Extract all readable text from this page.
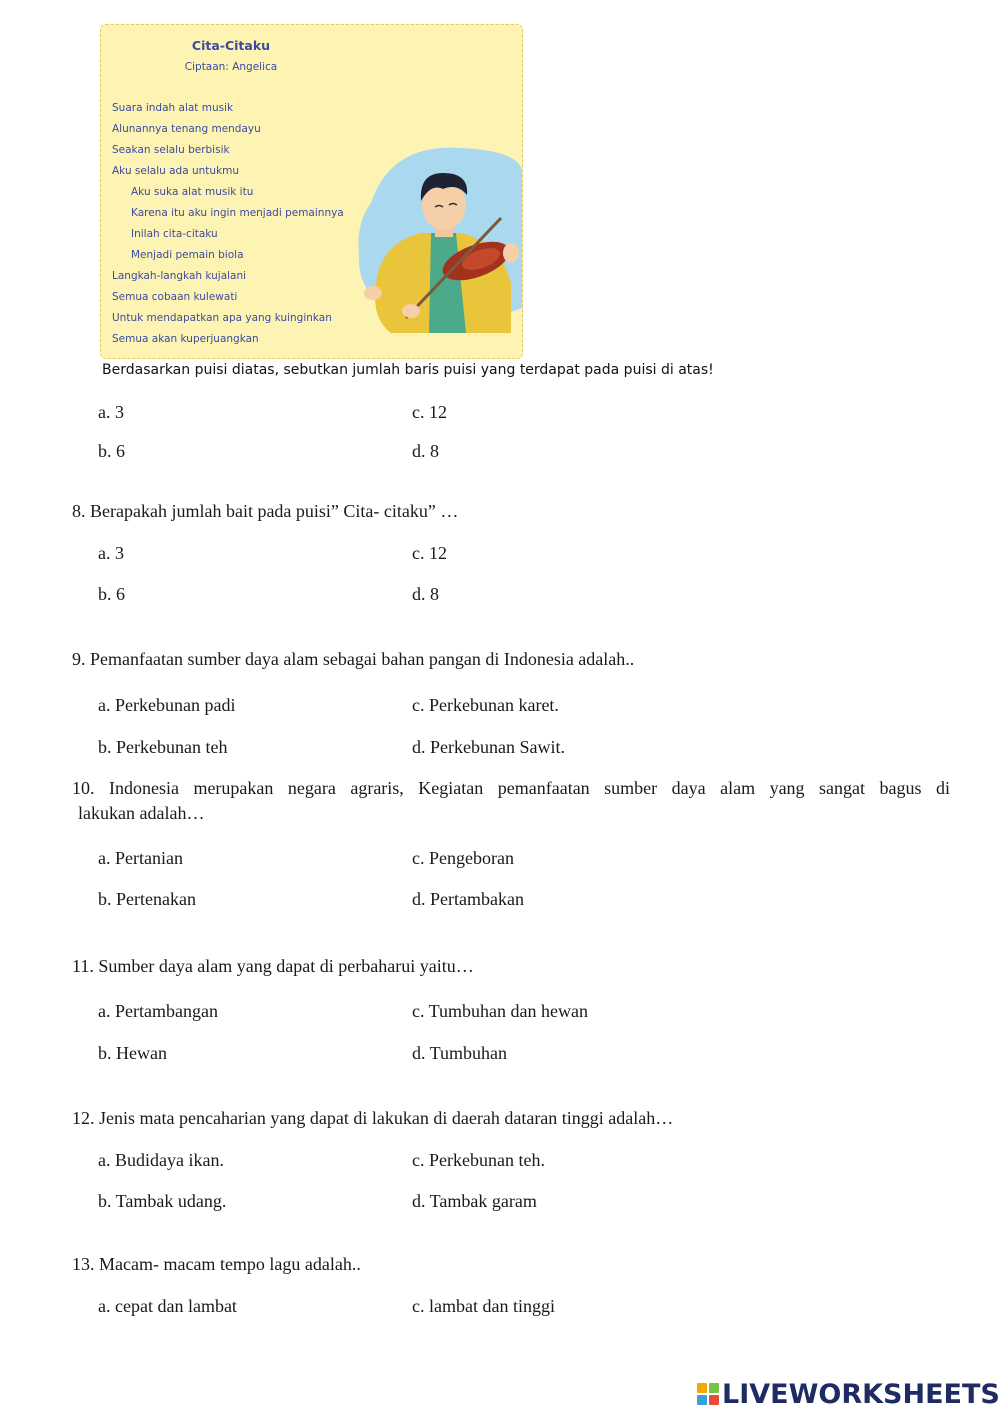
Cita-Citaku
Ciptaan: Angelica
Suara indah alat musik
Alunannya tenang mendayu
Seakan selalu berbisik
Aku selalu ada untukmu
Aku suka alat musik itu
Karena itu aku ingin menjadi pemainnya
Inilah cita-citaku
Menjadi pemain biola
Langkah-langkah kujalani
Semua cobaan kulewati
Untuk mendapatkan apa yang kuinginkan
Semua akan kuperjuangkan
Berdasarkan puisi diatas, sebutkan jumlah baris puisi yang terdapat pada puisi di atas!
a. 3	c. 12
b. 6	d. 8
8. Berapakah jumlah bait pada puisi” Cita- citaku” …
a. 3	c. 12
b. 6	d. 8
9. Pemanfaatan sumber daya alam sebagai bahan pangan di Indonesia adalah..
a. Perkebunan padi	c. Perkebunan karet.
b. Perkebunan teh	d. Perkebunan Sawit.
10. Indonesia merupakan negara agraris, Kegiatan pemanfaatan sumber daya alam yang sangat bagus di
lakukan adalah…
a. Pertanian	c. Pengeboran
b. Pertenakan	d. Pertambakan
11. Sumber daya alam yang dapat di perbaharui yaitu…
a. Pertambangan	c. Tumbuhan dan hewan
b. Hewan	d. Tumbuhan
12. Jenis mata pencaharian yang dapat di lakukan di daerah dataran tinggi adalah…
a. Budidaya ikan.	c. Perkebunan teh.
b. Tambak udang.	d. Tambak garam
13. Macam- macam tempo lagu adalah..
a. cepat dan lambat	c. lambat dan tinggi
LIVEWORKSHEETS
